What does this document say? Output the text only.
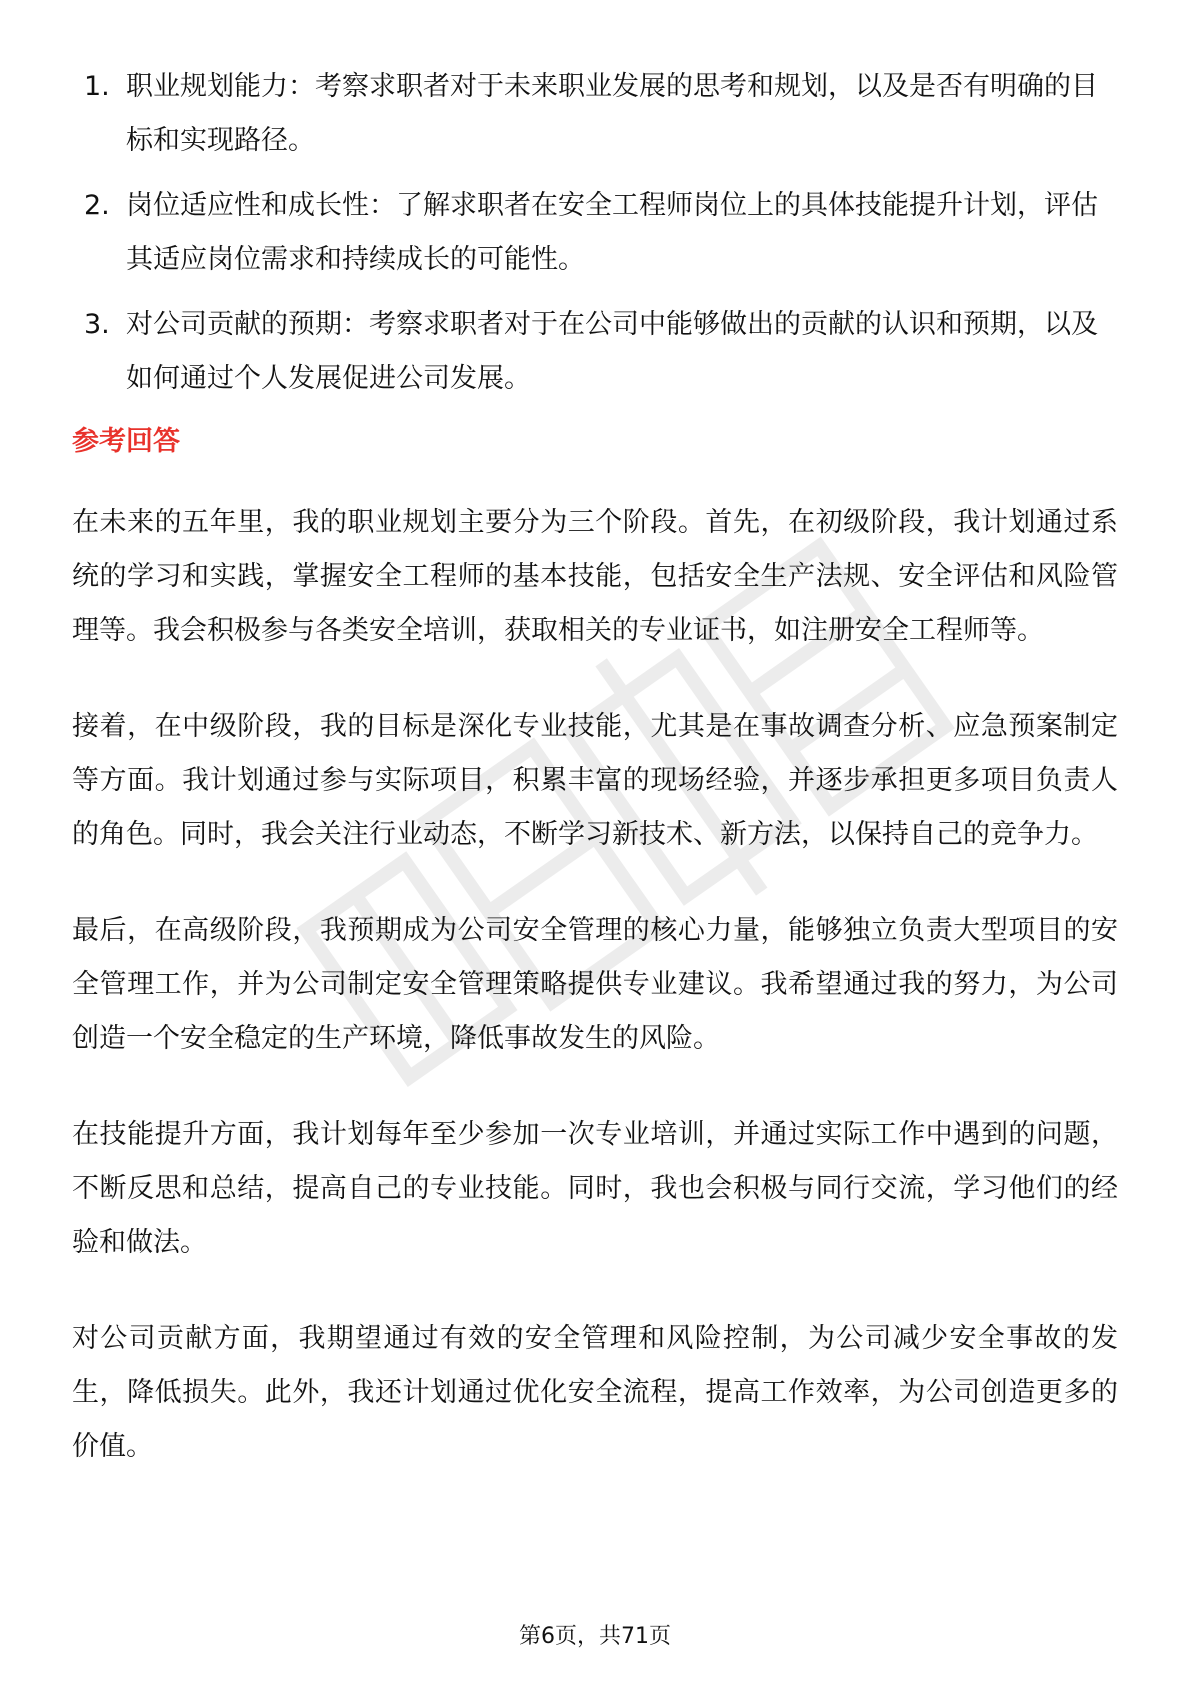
1. 职业规划能力：考察求职者对于未来职业发展的思考和规划，以及是否有明确的目标和实现路径。
2. 岗位适应性和成长性：了解求职者在安全工程师岗位上的具体技能提升计划，评估其适应岗位需求和持续成长的可能性。
3. 对公司贡献的预期：考察求职者对于在公司中能够做出的贡献的认识和预期，以及如何通过个人发展促进公司发展。
参考回答

在未来的五年里，我的职业规划主要分为三个阶段。首先，在初级阶段，我计划通过系统的学习和实践，掌握安全工程师的基本技能，包括安全生产法规、安全评估和风险管理等。我会积极参与各类安全培训，获取相关的专业证书，如注册安全工程师等。

接着，在中级阶段，我的目标是深化专业技能，尤其是在事故调查分析、应急预案制定等方面。我计划通过参与实际项目，积累丰富的现场经验，并逐步承担更多项目负责人的角色。同时，我会关注行业动态，不断学习新技术、新方法，以保持自己的竞争力。

最后，在高级阶段，我预期成为公司安全管理的核心力量，能够独立负责大型项目的安全管理工作，并为公司制定安全管理策略提供专业建议。我希望通过我的努力，为公司创造一个安全稳定的生产环境，降低事故发生的风险。

在技能提升方面，我计划每年至少参加一次专业培训，并通过实际工作中遇到的问题，不断反思和总结，提高自己的专业技能。同时，我也会积极与同行交流，学习他们的经验和做法。

对公司贡献方面，我期望通过有效的安全管理和风险控制，为公司减少安全事故的发生，降低损失。此外，我还计划通过优化安全流程，提高工作效率，为公司创造更多的价值。

第6页，共71页
